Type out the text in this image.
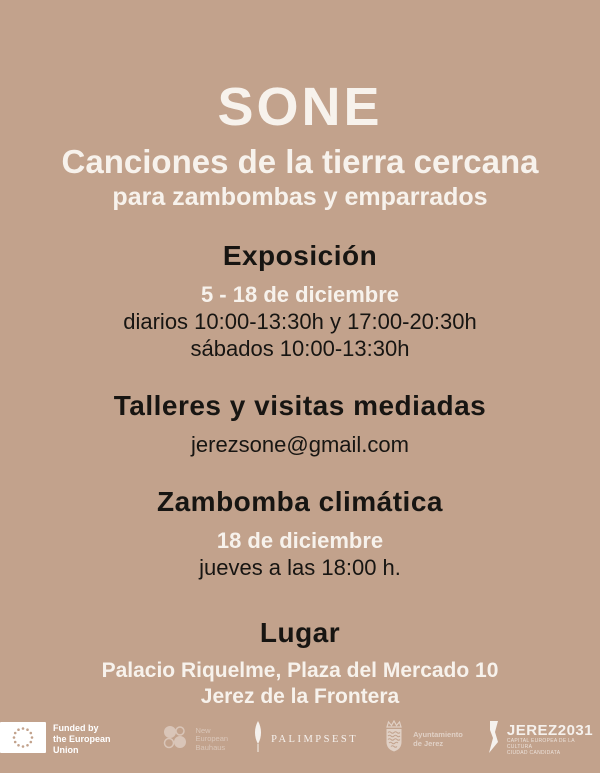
SONE
Canciones de la tierra cercana
para zambombas y emparrados
Exposición
5 - 18 de diciembre
diarios 10:00-13:30h y 17:00-20:30h
sábados 10:00-13:30h
Talleres y visitas mediadas
jerezsone@gmail.com
Zambomba climática
18 de diciembre
jueves a las 18:00 h.
Lugar
Palacio Riquelme, Plaza del Mercado 10
Jerez de la Frontera
Funded by
the European Union
New
European
Bauhaus
PALIMPSEST	Ayuntamiento
de Jerez
JEREZ2031
CAPITAL EUROPEA DE LA CULTURA
CIUDAD CANDIDATA
